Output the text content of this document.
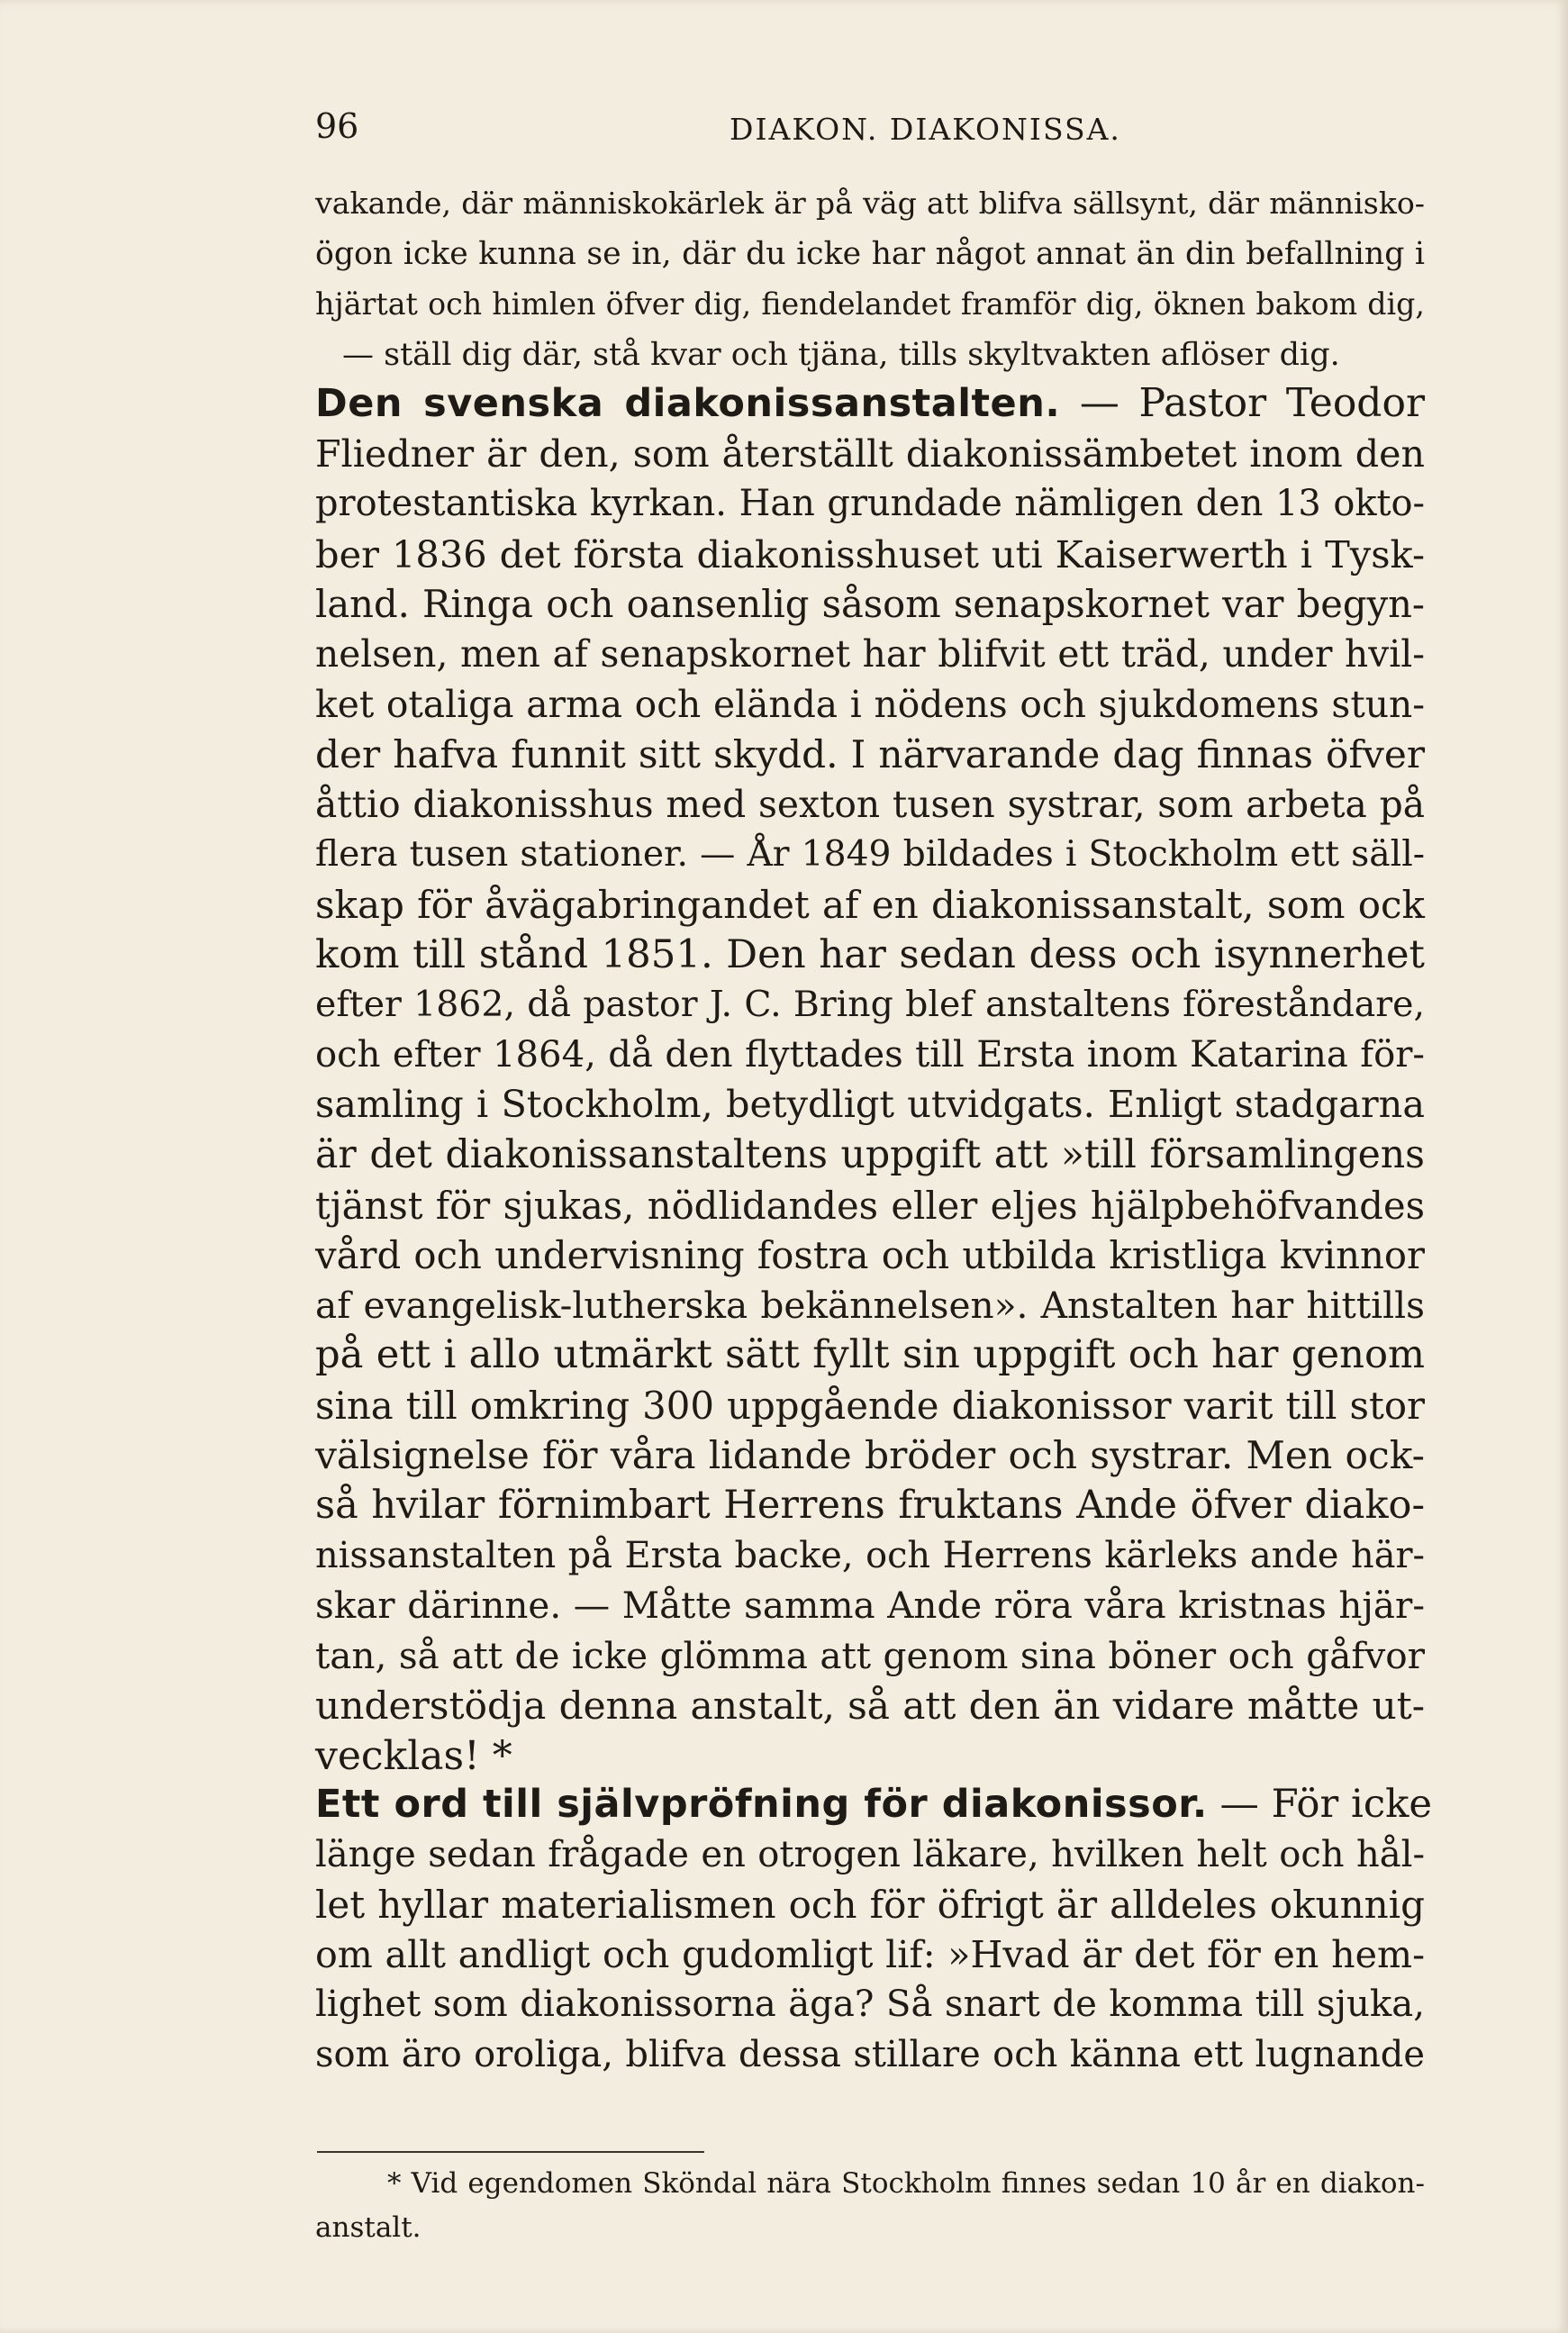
96	DIAKON. DIAKONISSA.
vakande, där människokärlek är på väg att blifva sällsynt, där människo-
ögon icke kunna se in, där du icke har något annat än din befallning i
hjärtat och himlen öfver dig, fiendelandet framför dig, öknen bakom dig,
— ställ dig där, stå kvar och tjäna, tills skyltvakten aflöser dig.
Den svenska diakonissanstalten. — Pastor Teodor
Fliedner är den, som återställt diakonissämbetet inom den
protestantiska kyrkan. Han grundade nämligen den 13 okto-
ber 1836 det första diakonisshuset uti Kaiserwerth i Tysk-
land. Ringa och oansenlig såsom senapskornet var begyn-
nelsen, men af senapskornet har blifvit ett träd, under hvil-
ket otaliga arma och elända i nödens och sjukdomens stun-
der hafva funnit sitt skydd. I närvarande dag finnas öfver
åttio diakonisshus med sexton tusen systrar, som arbeta på
flera tusen stationer. — År 1849 bildades i Stockholm ett säll-
skap för åvägabringandet af en diakonissanstalt, som ock
kom till stånd 1851. Den har sedan dess och isynnerhet
efter 1862, då pastor J. C. Bring blef anstaltens föreståndare,
och efter 1864, då den flyttades till Ersta inom Katarina för-
samling i Stockholm, betydligt utvidgats. Enligt stadgarna
är det diakonissanstaltens uppgift att »till församlingens
tjänst för sjukas, nödlidandes eller eljes hjälpbehöfvandes
vård och undervisning fostra och utbilda kristliga kvinnor
af evangelisk-lutherska bekännelsen». Anstalten har hittills
på ett i allo utmärkt sätt fyllt sin uppgift och har genom
sina till omkring 300 uppgående diakonissor varit till stor
välsignelse för våra lidande bröder och systrar. Men ock-
så hvilar förnimbart Herrens fruktans Ande öfver diako-
nissanstalten på Ersta backe, och Herrens kärleks ande här-
skar därinne. — Måtte samma Ande röra våra kristnas hjär-
tan, så att de icke glömma att genom sina böner och gåfvor
understödja denna anstalt, så att den än vidare måtte ut-
vecklas! *
Ett ord till självpröfning för diakonissor. — För icke
länge sedan frågade en otrogen läkare, hvilken helt och hål-
let hyllar materialismen och för öfrigt är alldeles okunnig
om allt andligt och gudomligt lif: »Hvad är det för en hem-
lighet som diakonissorna äga? Så snart de komma till sjuka,
som äro oroliga, blifva dessa stillare och känna ett lugnande
* Vid egendomen Sköndal nära Stockholm finnes sedan 10 år en diakon-
anstalt.
